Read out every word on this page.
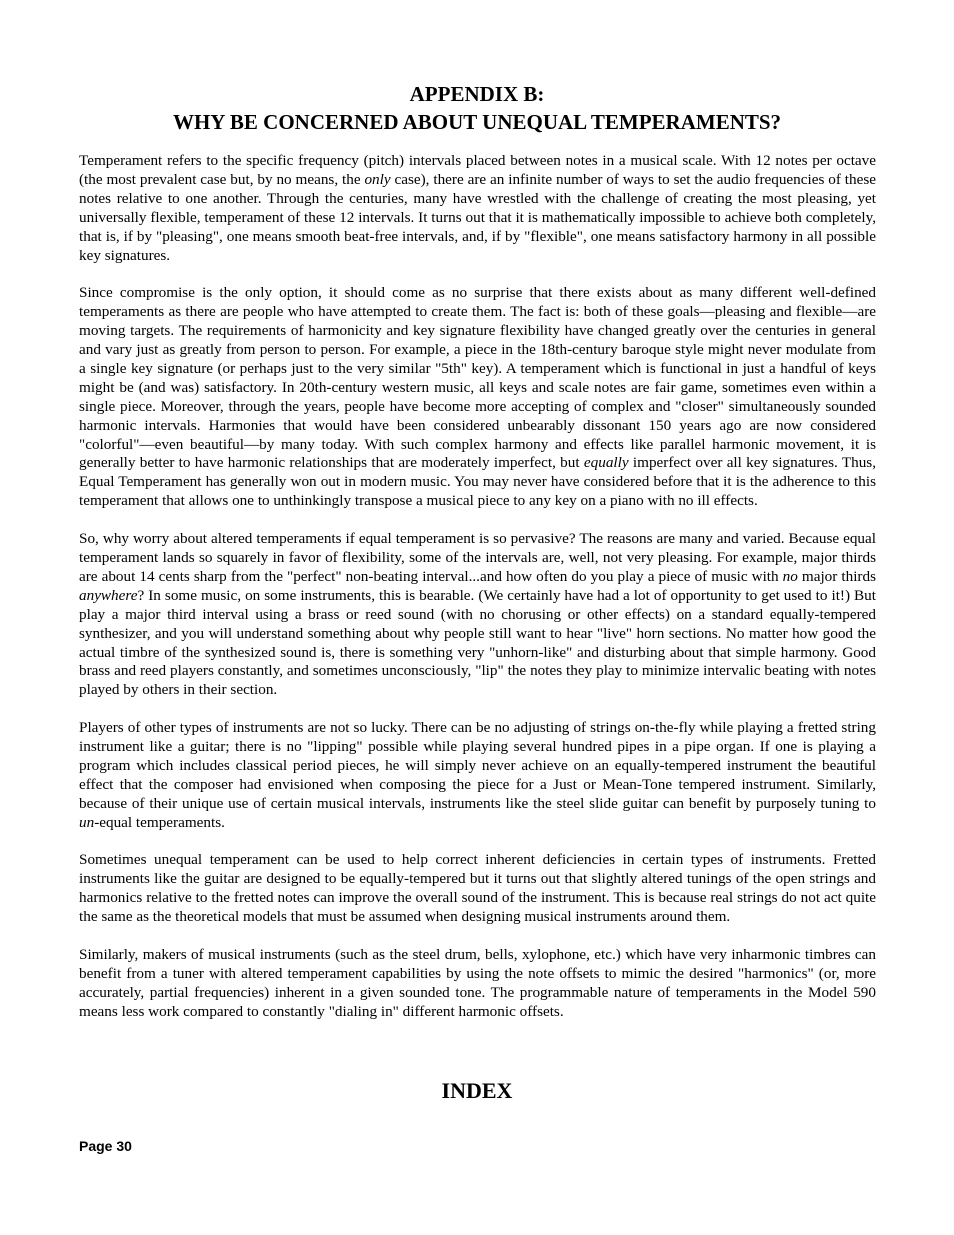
APPENDIX B:
WHY BE CONCERNED ABOUT UNEQUAL TEMPERAMENTS?

Temperament refers to the specific frequency (pitch) intervals placed between notes in a musical scale. With 12 notes per octave (the most prevalent case but, by no means, the only case), there are an infinite number of ways to set the audio frequencies of these notes relative to one another. Through the centuries, many have wrestled with the challenge of creating the most pleasing, yet universally flexible, temperament of these 12 intervals. It turns out that it is mathematically impossible to achieve both completely, that is, if by "pleasing", one means smooth beat-free intervals, and, if by "flexible", one means satisfactory harmony in all possible key signatures.

Since compromise is the only option, it should come as no surprise that there exists about as many different well-defined temperaments as there are people who have attempted to create them. The fact is: both of these goals—pleasing and flexible—are moving targets. The requirements of harmonicity and key signature flexibility have changed greatly over the centuries in general and vary just as greatly from person to person. For example, a piece in the 18th-century baroque style might never modulate from a single key signature (or perhaps just to the very similar "5th" key). A temperament which is functional in just a handful of keys might be (and was) satisfactory. In 20th-century western music, all keys and scale notes are fair game, sometimes even within a single piece. Moreover, through the years, people have become more accepting of complex and "closer" simultaneously sounded harmonic intervals. Harmonies that would have been considered unbearably dissonant 150 years ago are now considered "colorful"—even beautiful—by many today. With such complex harmony and effects like parallel harmonic movement, it is generally better to have harmonic relationships that are moderately imperfect, but equally imperfect over all key signatures. Thus, Equal Temperament has generally won out in modern music. You may never have considered before that it is the adherence to this temperament that allows one to unthinkingly transpose a musical piece to any key on a piano with no ill effects.

So, why worry about altered temperaments if equal temperament is so pervasive? The reasons are many and varied. Because equal temperament lands so squarely in favor of flexibility, some of the intervals are, well, not very pleasing. For example, major thirds are about 14 cents sharp from the "perfect" non-beating interval...and how often do you play a piece of music with no major thirds anywhere? In some music, on some instruments, this is bearable. (We certainly have had a lot of opportunity to get used to it!) But play a major third interval using a brass or reed sound (with no chorusing or other effects) on a standard equally-tempered synthesizer, and you will understand something about why people still want to hear "live" horn sections. No matter how good the actual timbre of the synthesized sound is, there is something very "unhorn-like" and disturbing about that simple harmony. Good brass and reed players constantly, and sometimes unconsciously, "lip" the notes they play to minimize intervalic beating with notes played by others in their section.

Players of other types of instruments are not so lucky. There can be no adjusting of strings on-the-fly while playing a fretted string instrument like a guitar; there is no "lipping" possible while playing several hundred pipes in a pipe organ. If one is playing a program which includes classical period pieces, he will simply never achieve on an equally-tempered instrument the beautiful effect that the composer had envisioned when composing the piece for a Just or Mean-Tone tempered instrument. Similarly, because of their unique use of certain musical intervals, instruments like the steel slide guitar can benefit by purposely tuning to un-equal temperaments.

Sometimes unequal temperament can be used to help correct inherent deficiencies in certain types of instruments. Fretted instruments like the guitar are designed to be equally-tempered but it turns out that slightly altered tunings of the open strings and harmonics relative to the fretted notes can improve the overall sound of the instrument. This is because real strings do not act quite the same as the theoretical models that must be assumed when designing musical instruments around them.

Similarly, makers of musical instruments (such as the steel drum, bells, xylophone, etc.) which have very inharmonic timbres can benefit from a tuner with altered temperament capabilities by using the note offsets to mimic the desired "harmonics" (or, more accurately, partial frequencies) inherent in a given sounded tone. The programmable nature of temperaments in the Model 590 means less work compared to constantly "dialing in" different harmonic offsets.

INDEX
Page 30
